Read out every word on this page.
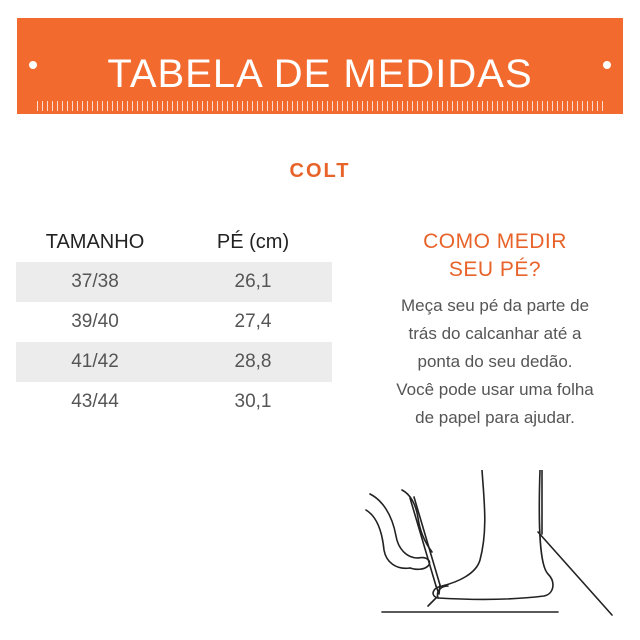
TABELA DE MEDIDAS
COLT
TAMANHO	PÉ (cm)
37/38	26,1
39/40	27,4
41/42	28,8
43/44	30,1
COMO MEDIR
SEU PÉ?
Meça seu pé da parte de
trás do calcanhar até a
ponta do seu dedão.
Você pode usar uma folha
de papel para ajudar.
